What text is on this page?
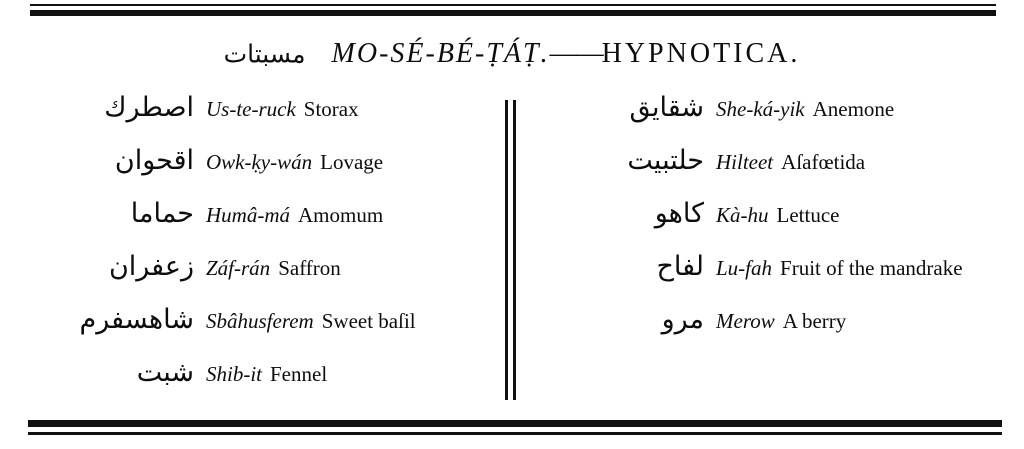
مسبتات MO-SÉ-BÉ-ṬÁṬ.——HYPNOTICA.
اصطرك Us-te-ruck Storax
اقحوان Owk-ḳy-wán Lovage
حماما Humâ-má Amomum
زعفران Záf-rán Saffron
شاهسفرم Sbâhusferem Sweet baſil
شبت Shib-it Fennel
شقايق She-ká-yik Anemone
حلتبيت Hilteet Aſafœtida
كاهو Kà-hu Lettuce
لفاح Lu-fah Fruit of the mandrake
مرو Merow A berry
